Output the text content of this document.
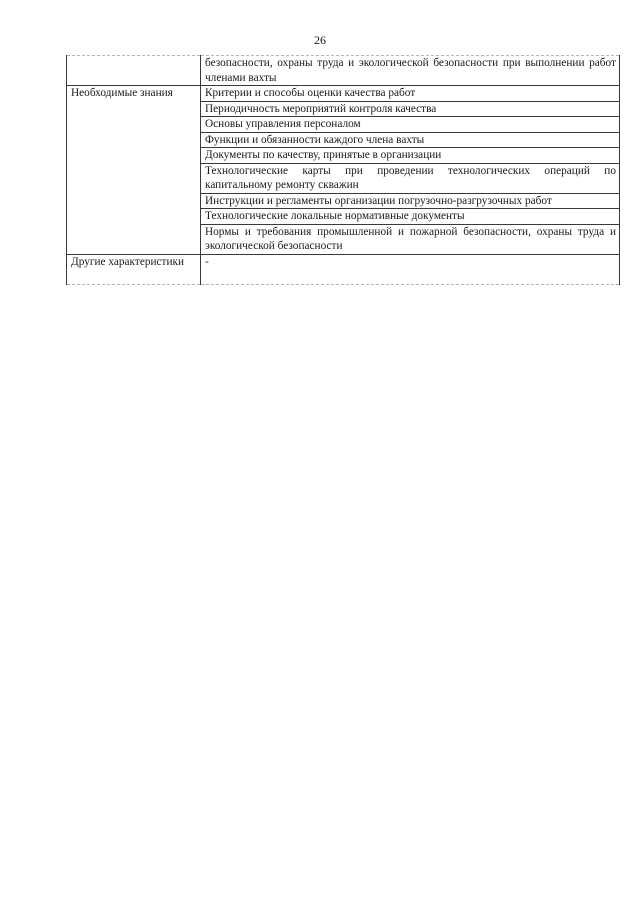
26
	безопасности, охраны труда и экологической безопасности при выполнении работ членами вахты
Необходимые знания	Критерии и способы оценки качества работ
	Периодичность мероприятий контроля качества
	Основы управления персоналом
	Функции и обязанности каждого члена вахты
	Документы по качеству, принятые в организации
	Технологические карты при проведении технологических операций по капитальному ремонту скважин
	Инструкции и регламенты организации погрузочно-разгрузочных работ
	Технологические локальные нормативные документы
	Нормы и требования промышленной и пожарной безопасности, охраны труда и экологической безопасности
Другие характеристики	-
